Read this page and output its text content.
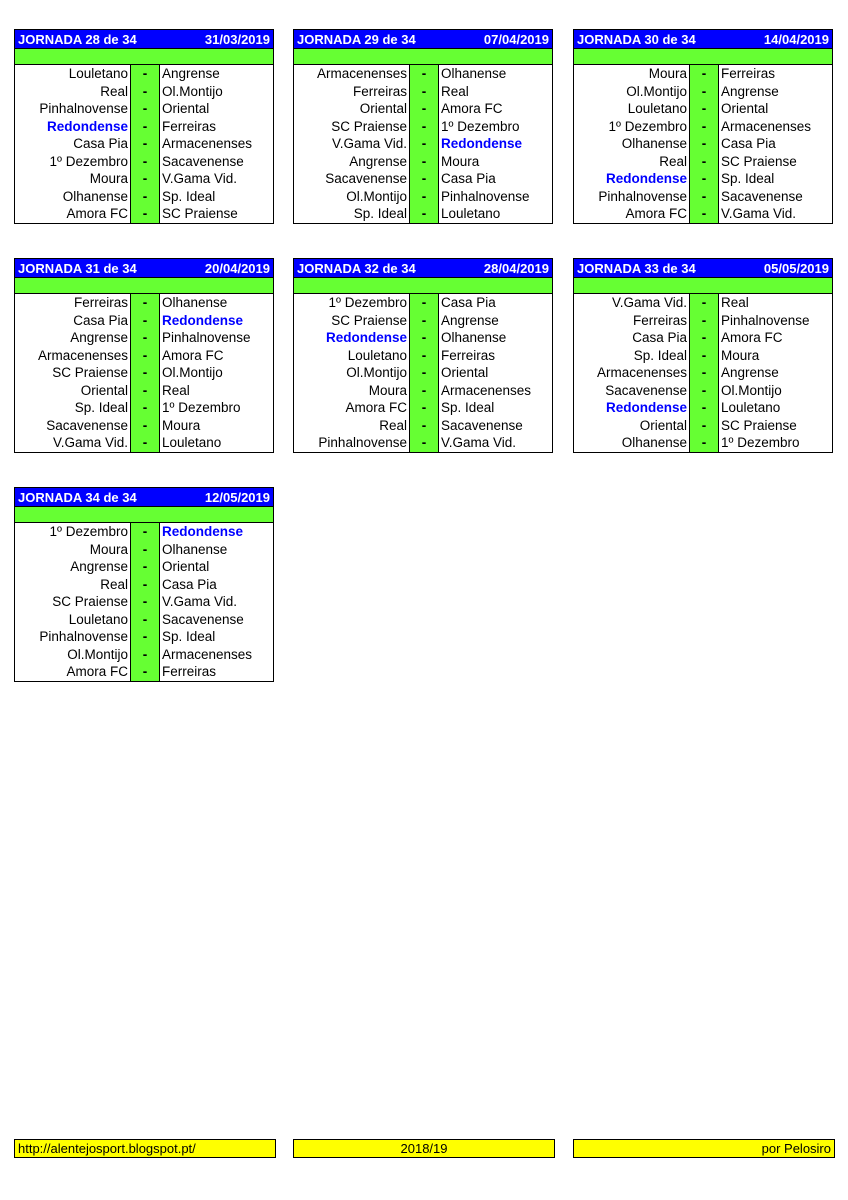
JORNADA 28 de 34	31/03/2019
Louletano	-	Angrense
Real	-	Ol.Montijo
Pinhalnovense	-	Oriental
Redondense	-	Ferreiras
Casa Pia	-	Armacenenses
1º Dezembro	-	Sacavenense
Moura	-	V.Gama Vid.
Olhanense	-	Sp. Ideal
Amora FC	-	SC Praiense
JORNADA 29 de 34	07/04/2019
Armacenenses	-	Olhanense
Ferreiras	-	Real
Oriental	-	Amora FC
SC Praiense	-	1º Dezembro
V.Gama Vid.	-	Redondense
Angrense	-	Moura
Sacavenense	-	Casa Pia
Ol.Montijo	-	Pinhalnovense
Sp. Ideal	-	Louletano
JORNADA 30 de 34	14/04/2019
Moura	-	Ferreiras
Ol.Montijo	-	Angrense
Louletano	-	Oriental
1º Dezembro	-	Armacenenses
Olhanense	-	Casa Pia
Real	-	SC Praiense
Redondense	-	Sp. Ideal
Pinhalnovense	-	Sacavenense
Amora FC	-	V.Gama Vid.
JORNADA 31 de 34	20/04/2019
Ferreiras	-	Olhanense
Casa Pia	-	Redondense
Angrense	-	Pinhalnovense
Armacenenses	-	Amora FC
SC Praiense	-	Ol.Montijo
Oriental	-	Real
Sp. Ideal	-	1º Dezembro
Sacavenense	-	Moura
V.Gama Vid.	-	Louletano
JORNADA 32 de 34	28/04/2019
1º Dezembro	-	Casa Pia
SC Praiense	-	Angrense
Redondense	-	Olhanense
Louletano	-	Ferreiras
Ol.Montijo	-	Oriental
Moura	-	Armacenenses
Amora FC	-	Sp. Ideal
Real	-	Sacavenense
Pinhalnovense	-	V.Gama Vid.
JORNADA 33 de 34	05/05/2019
V.Gama Vid.	-	Real
Ferreiras	-	Pinhalnovense
Casa Pia	-	Amora FC
Sp. Ideal	-	Moura
Armacenenses	-	Angrense
Sacavenense	-	Ol.Montijo
Redondense	-	Louletano
Oriental	-	SC Praiense
Olhanense	-	1º Dezembro
JORNADA 34 de 34	12/05/2019
1º Dezembro	-	Redondense
Moura	-	Olhanense
Angrense	-	Oriental
Real	-	Casa Pia
SC Praiense	-	V.Gama Vid.
Louletano	-	Sacavenense
Pinhalnovense	-	Sp. Ideal
Ol.Montijo	-	Armacenenses
Amora FC	-	Ferreiras
http://alentejosport.blogspot.pt/	2018/19	por Pelosiro
